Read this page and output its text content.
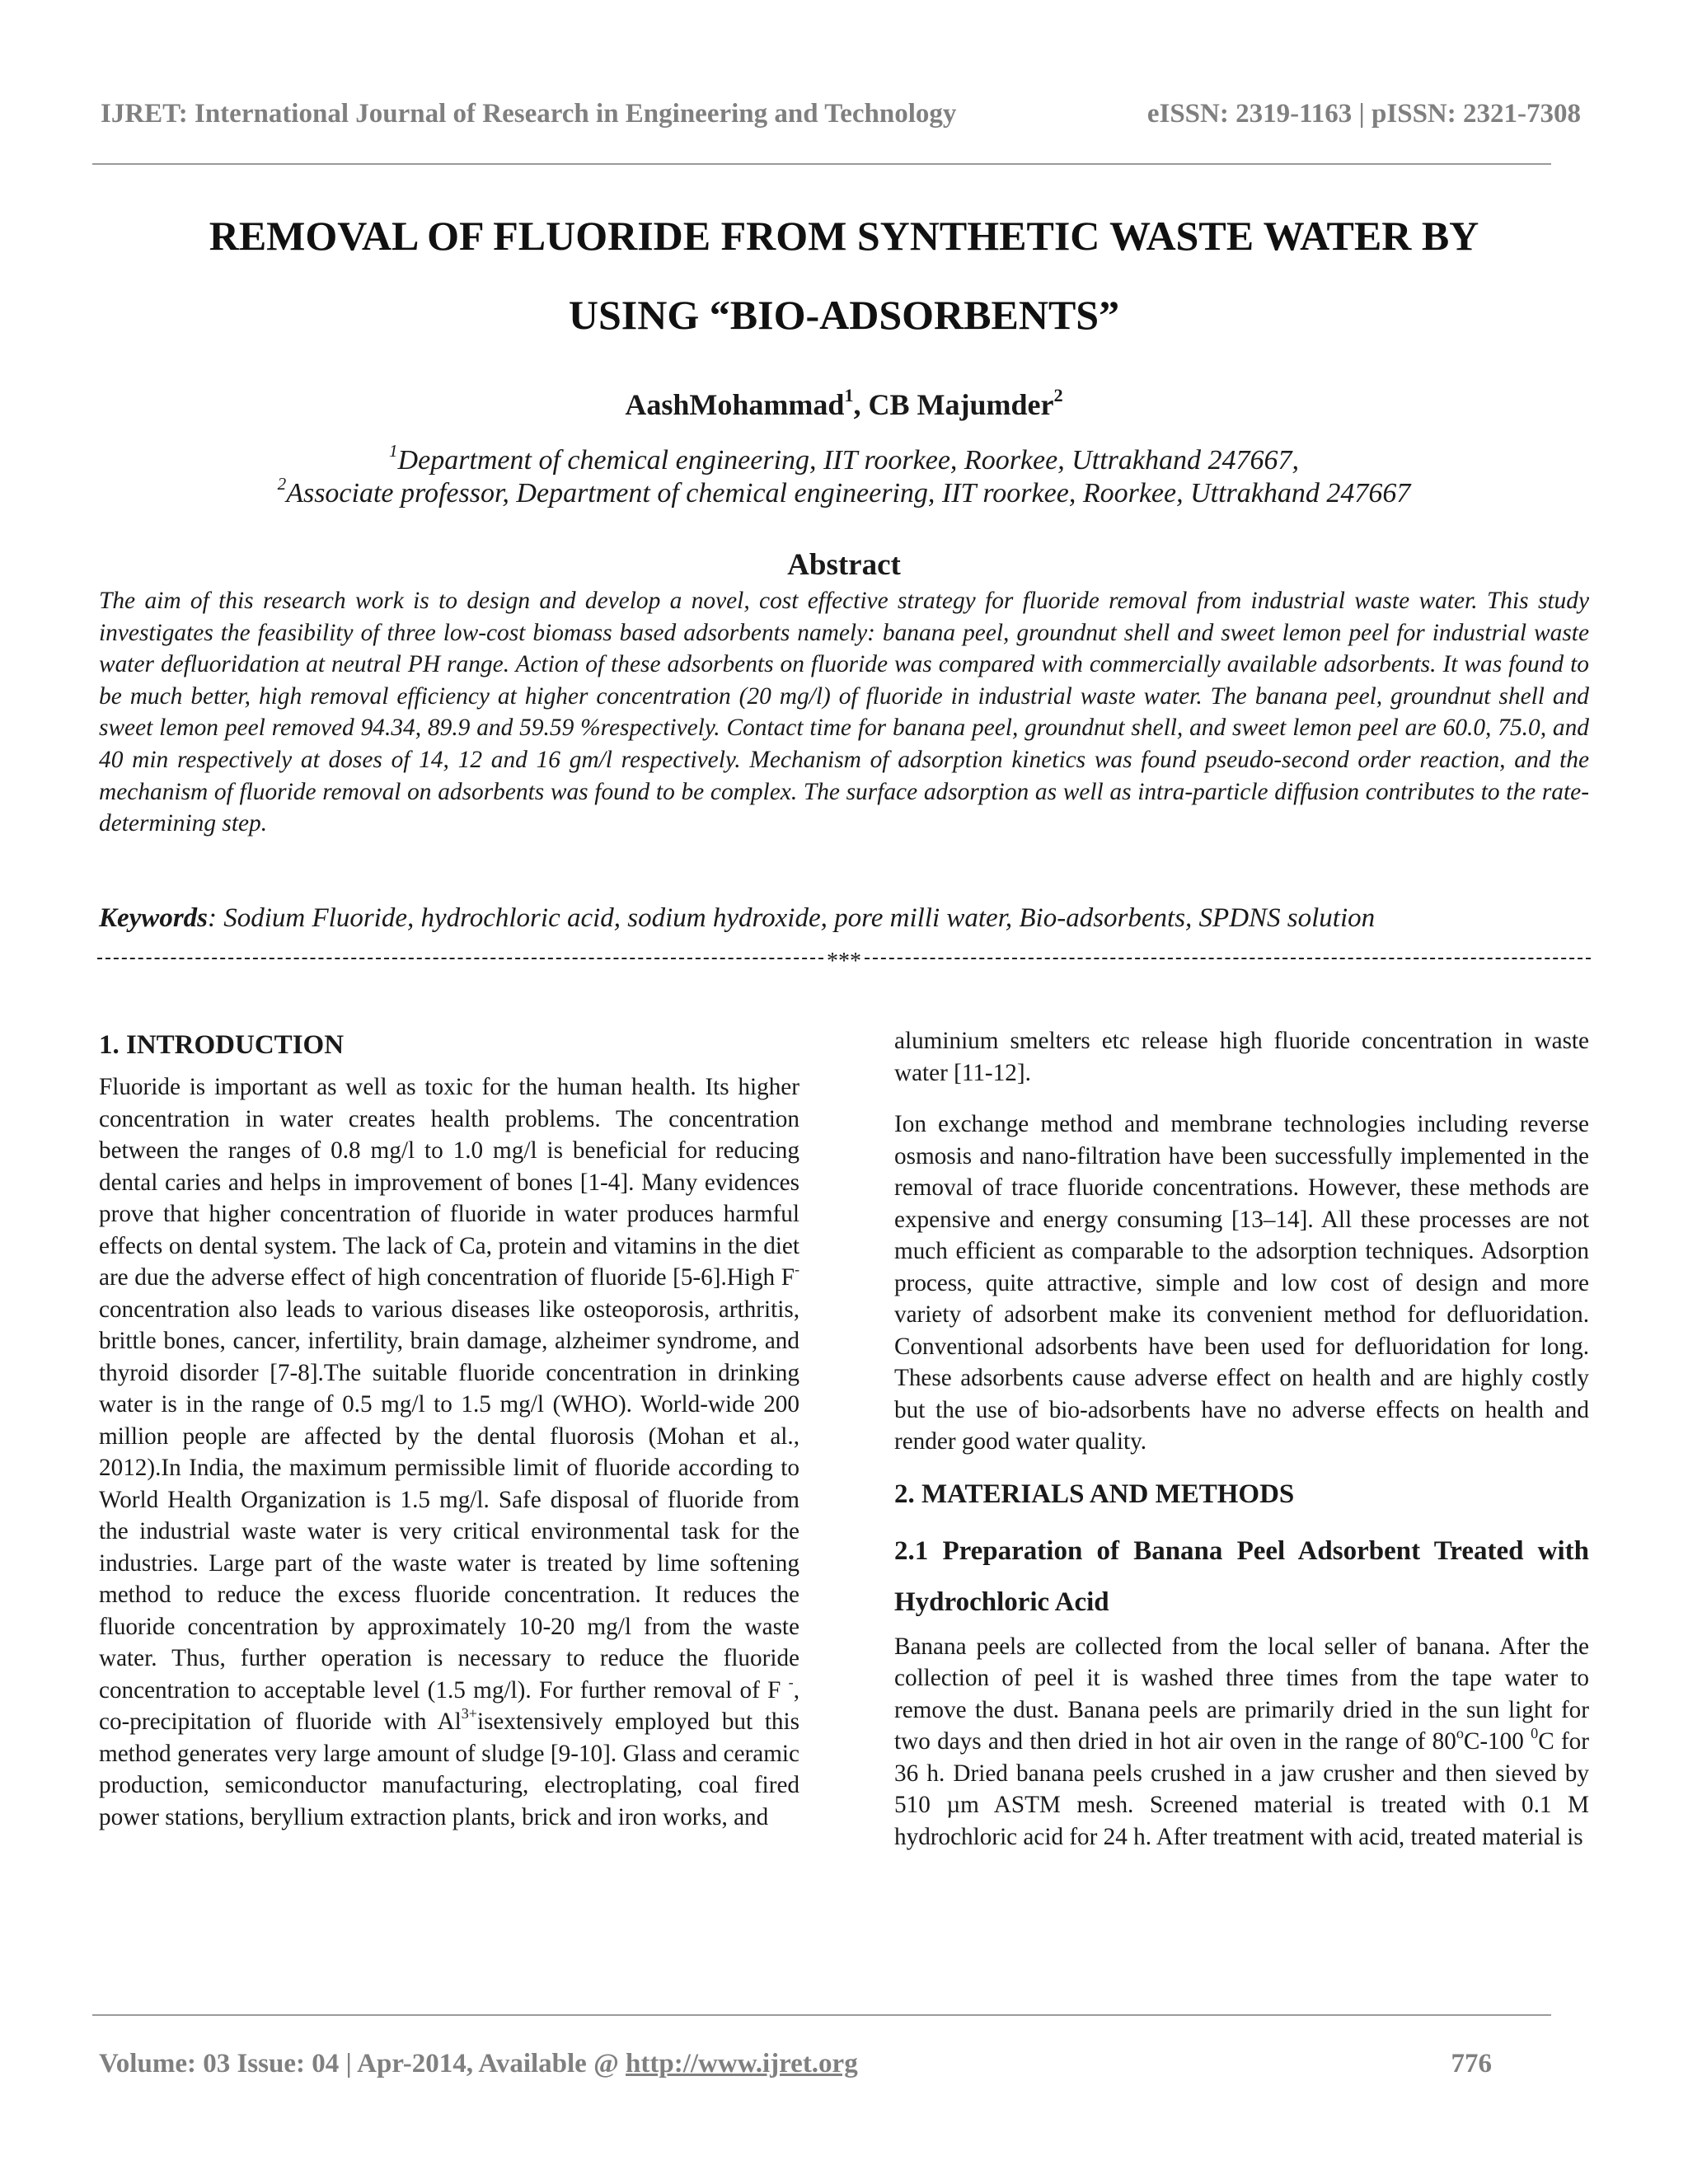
IJRET: International Journal of Research in Engineering and Technology	eISSN: 2319-1163 | pISSN: 2321-7308
REMOVAL OF FLUORIDE FROM SYNTHETIC WASTE WATER BY
USING “BIO-ADSORBENTS”
AashMohammad$^1$, CB Majumder$^2$
$^1$Department of chemical engineering, IIT roorkee, Roorkee, Uttrakhand 247667,
$^2$Associate professor, Department of chemical engineering, IIT roorkee, Roorkee, Uttrakhand 247667
Abstract
The aim of this research work is to design and develop a novel, cost effective strategy for fluoride removal from industrial waste water. This study investigates the feasibility of three low-cost biomass based adsorbents namely: banana peel, groundnut shell and sweet lemon peel for industrial waste water defluoridation at neutral PH range. Action of these adsorbents on fluoride was compared with commercially available adsorbents. It was found to be much better, high removal efficiency at higher concentration (20 mg/l) of fluoride in industrial waste water. The banana peel, groundnut shell and sweet lemon peel removed 94.34, 89.9 and 59.59 %respectively. Contact time for banana peel, groundnut shell, and sweet lemon peel are 60.0, 75.0, and 40 min respectively at doses of 14, 12 and 16 gm/l respectively. Mechanism of adsorption kinetics was found pseudo-second order reaction, and the mechanism of fluoride removal on adsorbents was found to be complex. The surface adsorption as well as intra-particle diffusion contributes to the rate-determining step.
Keywords: Sodium Fluoride, hydrochloric acid, sodium hydroxide, pore milli water, Bio-adsorbents, SPDNS solution
***
1. INTRODUCTION

Fluoride is important as well as toxic for the human health. Its higher concentration in water creates health problems. The concentration between the ranges of 0.8 mg/l to 1.0 mg/l is beneficial for reducing dental caries and helps in improvement of bones [1-4]. Many evidences prove that higher concentration of fluoride in water produces harmful effects on dental system. The lack of Ca, protein and vitamins in the diet are due the adverse effect of high concentration of fluoride [5-6].High F- concentration also leads to various diseases like osteoporosis, arthritis, brittle bones, cancer, infertility, brain damage, alzheimer syndrome, and thyroid disorder [7-8].The suitable fluoride concentration in drinking water is in the range of 0.5 mg/l to 1.5 mg/l (WHO). World-wide 200 million people are affected by the dental fluorosis (Mohan et al., 2012).In India, the maximum permissible limit of fluoride according to World Health Organization is 1.5 mg/l. Safe disposal of fluoride from the industrial waste water is very critical environmental task for the industries. Large part of the waste water is treated by lime softening method to reduce the excess fluoride concentration. It reduces the fluoride concentration by approximately 10-20 mg/l from the waste water. Thus, further operation is necessary to reduce the fluoride concentration to acceptable level (1.5 mg/l). For further removal of F -, co-precipitation of fluoride with $Al^{3+}isextensively$ employed but this method generates very large amount of sludge [9-10]. Glass and ceramic production, semiconductor manufacturing, electroplating, coal fired power stations, beryllium extraction plants, brick and iron works, and

aluminium smelters etc release high fluoride concentration in waste water [11-12].

Ion exchange method and membrane technologies including reverse osmosis and nano-filtration have been successfully implemented in the removal of trace fluoride concentrations. However, these methods are expensive and energy consuming [13–14]. All these processes are not much efficient as comparable to the adsorption techniques. Adsorption process, quite attractive, simple and low cost of design and more variety of adsorbent make its convenient method for defluoridation. Conventional adsorbents have been used for defluoridation for long. These adsorbents cause adverse effect on health and are highly costly but the use of bio-adsorbents have no adverse effects on health and render good water quality.

2. MATERIALS AND METHODS
2.1 Preparation of Banana Peel Adsorbent Treated with Hydrochloric Acid

Banana peels are collected from the local seller of banana. After the collection of peel it is washed three times from the tape water to remove the dust. Banana peels are primarily dried in the sun light for two days and then dried in hot air oven in the range of 80$^o$C-100 $^0$C for 36 h. Dried banana peels crushed in a jaw crusher and then sieved by 510 µm ASTM mesh. Screened material is treated with 0.1 M hydrochloric acid for 24 h. After treatment with acid, treated material is

Volume: 03 Issue: 04 | Apr-2014, Available @ http://www.ijret.org	776
